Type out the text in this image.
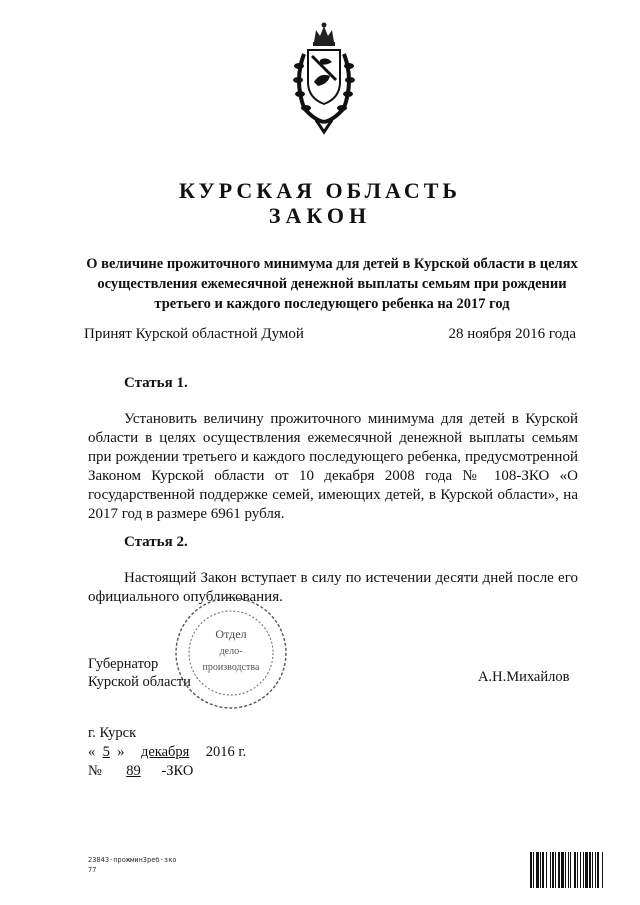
КУРСКАЯ ОБЛАСТЬ
ЗАКОН
О величине прожиточного минимума для детей в Курской области в целях осуществления ежемесячной денежной выплаты семьям при рождении третьего и каждого последующего ребенка на 2017 год
Принят Курской областной Думой	28 ноября 2016 года
Статья 1.
Установить величину прожиточного минимума для детей в Курской области в целях осуществления ежемесячной денежной выплаты семьям при рождении третьего и каждого последующего ребенка, предусмотренной Законом Курской области от 10 декабря 2008 года № 108-ЗКО «О государственной поддержке семей, имеющих детей, в Курской области», на 2017 год в размере 6961 рубля.
Статья 2.
Настоящий Закон вступает в силу по истечении десяти дней после его официального опубликования.
Отдел
дело-
производства
Губернатор
Курской области	А.Н.Михайлов
г. Курск
« 5 » декабря 2016 г.
№ 89 -ЗКО
23843-прожмин3реб-зко
77
